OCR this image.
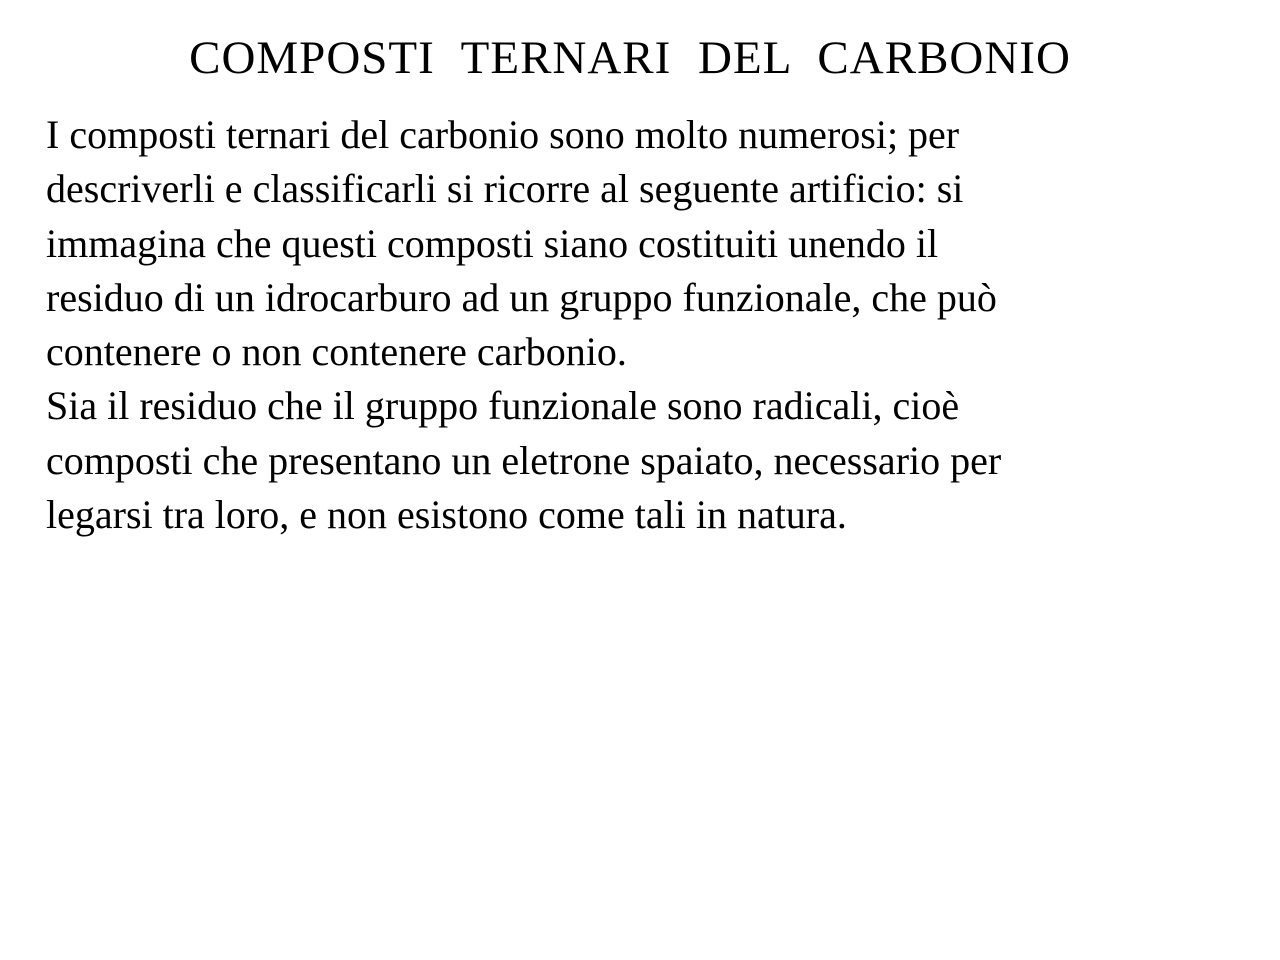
COMPOSTI TERNARI DEL CARBONIO
I composti ternari del carbonio sono molto numerosi; per
descriverli e classificarli si ricorre al seguente artificio: si
immagina che questi composti siano costituiti unendo il
residuo di un idrocarburo ad un gruppo funzionale, che può
contenere o non contenere carbonio.
Sia il residuo che il gruppo funzionale sono radicali, cioè
composti che presentano un eletrone spaiato, necessario per
legarsi tra loro, e non esistono come tali in natura.
